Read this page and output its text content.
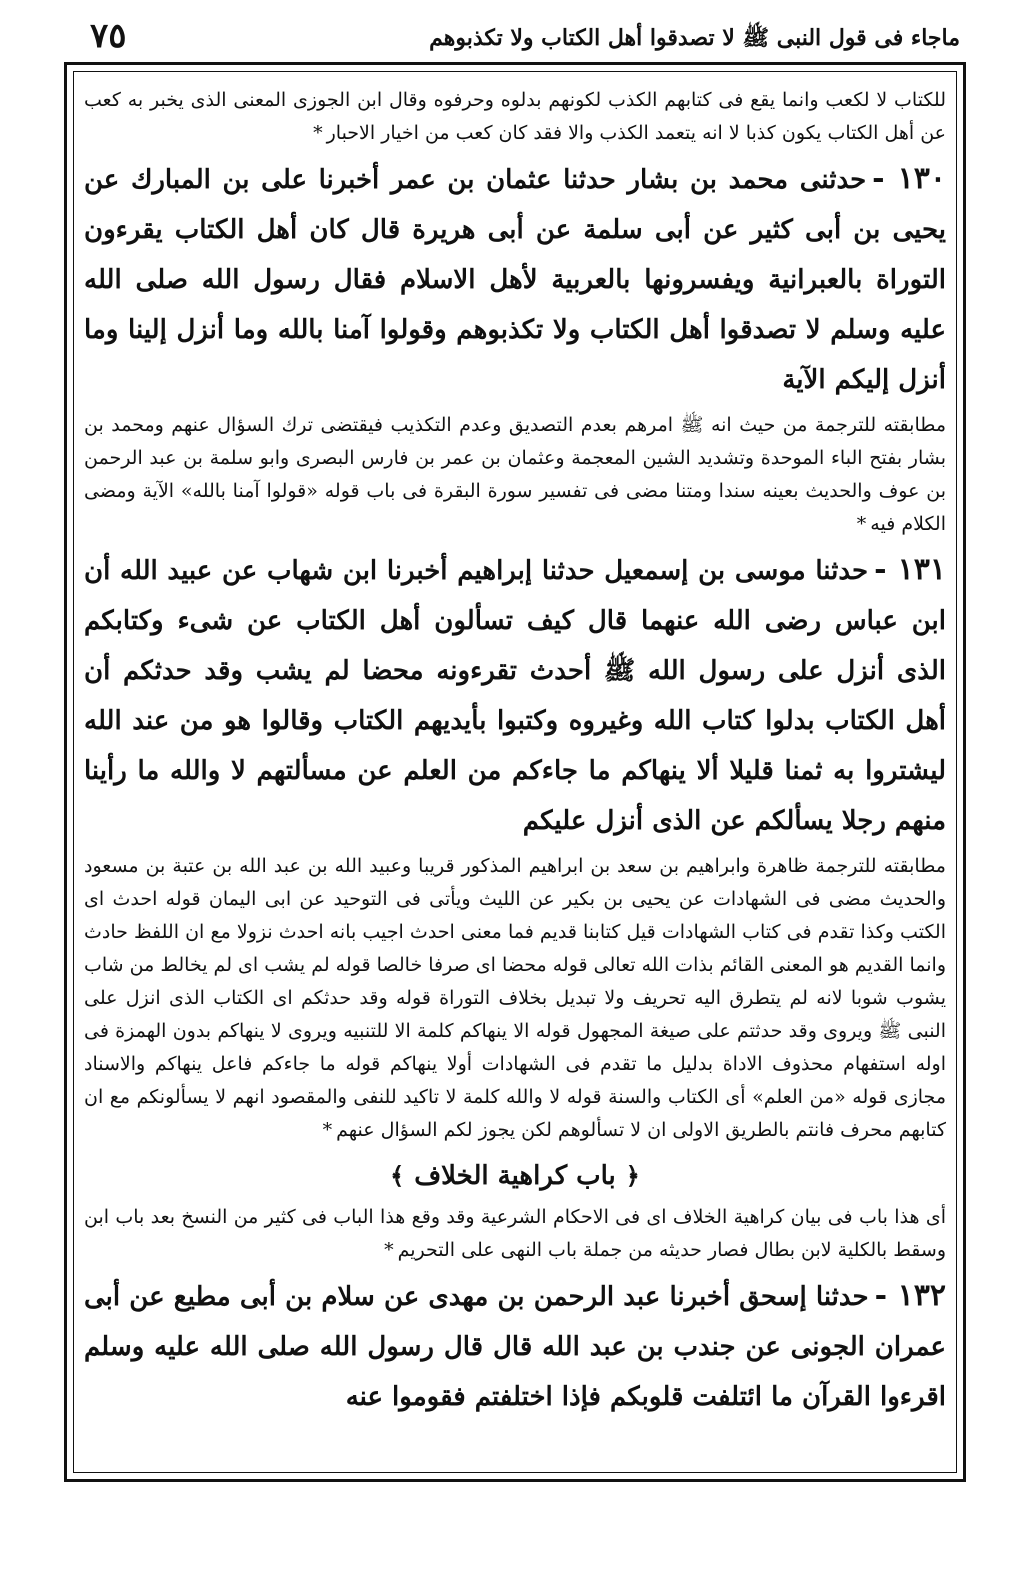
ماجاء فى قول النبى ﷺ لا تصدقوا أهل الكتاب ولا تكذبوهم
٧٥

للكتاب لا لكعب وانما يقع فى كتابهم الكذب لكونهم بدلوه وحرفوه وقال ابن الجوزى المعنى الذى يخبر به كعب عن أهل الكتاب يكون كذبا لا انه يتعمد الكذب والا فقد كان كعب من اخيار الاحبار*

١٣٠ -حدثنى محمد بن بشار حدثنا عثمان بن عمر أخبرنا على بن المبارك عن يحيى بن أبى كثير عن أبى سلمة عن أبى هريرة قال كان أهل الكتاب يقرءون التوراة بالعبرانية ويفسرونها بالعربية لأهل الاسلام فقال رسول الله صلى الله عليه وسلم لا تصدقوا أهل الكتاب ولا تكذبوهم وقولوا آمنا بالله وما أنزل إلينا وما أنزل إليكم الآية

مطابقته للترجمة من حيث انه ﷺ امرهم بعدم التصديق وعدم التكذيب فيقتضى ترك السؤال عنهم ومحمد بن بشار بفتح الباء الموحدة وتشديد الشين المعجمة وعثمان بن عمر بن فارس البصرى وابو سلمة بن عبد الرحمن بن عوف والحديث بعينه سندا ومتنا مضى فى تفسير سورة البقرة فى باب قوله «قولوا آمنا بالله» الآية ومضى الكلام فيه*

١٣١ -حدثنا موسى بن إسمعيل حدثنا إبراهيم أخبرنا ابن شهاب عن عبيد الله أن ابن عباس رضى الله عنهما قال كيف تسألون أهل الكتاب عن شىء وكتابكم الذى أنزل على رسول الله ﷺ أحدث تقرءونه محضا لم يشب وقد حدثكم أن أهل الكتاب بدلوا كتاب الله وغيروه وكتبوا بأيديهم الكتاب وقالوا هو من عند الله ليشتروا به ثمنا قليلا ألا ينهاكم ما جاءكم من العلم عن مسألتهم لا والله ما رأينا منهم رجلا يسألكم عن الذى أنزل عليكم

مطابقته للترجمة ظاهرة وابراهيم بن سعد بن ابراهيم المذكور قريبا وعبيد الله بن عبد الله بن عتبة بن مسعود والحديث مضى فى الشهادات عن يحيى بن بكير عن الليث ويأتى فى التوحيد عن ابى اليمان قوله احدث اى الكتب وكذا تقدم فى كتاب الشهادات قيل كتابنا قديم فما معنى احدث اجيب بانه احدث نزولا مع ان اللفظ حادث وانما القديم هو المعنى القائم بذات الله تعالى قوله محضا اى صرفا خالصا قوله لم يشب اى لم يخالط من شاب يشوب شوبا لانه لم يتطرق اليه تحريف ولا تبديل بخلاف التوراة قوله وقد حدثكم اى الكتاب الذى انزل على النبى ﷺ ويروى وقد حدثتم على صيغة المجهول قوله الا ينهاكم كلمة الا للتنبيه ويروى لا ينهاكم بدون الهمزة فى اوله استفهام محذوف الاداة بدليل ما تقدم فى الشهادات أولا ينهاكم قوله ما جاءكم فاعل ينهاكم والاسناد مجازى قوله «من العلم» أى الكتاب والسنة قوله لا والله كلمة لا تاكيد للنفى والمقصود انهم لا يسألونكم مع ان كتابهم محرف فانتم بالطريق الاولى ان لا تسألوهم لكن يجوز لكم السؤال عنهم*

﴿باب كراهية الخلاف﴾

أى هذا باب فى بيان كراهية الخلاف اى فى الاحكام الشرعية وقد وقع هذا الباب فى كثير من النسخ بعد باب ابن وسقط بالكلية لابن بطال فصار حديثه من جملة باب النهى على التحريم*

١٣٢ -حدثنا إسحق أخبرنا عبد الرحمن بن مهدى عن سلام بن أبى مطيع عن أبى عمران الجونى عن جندب بن عبد الله قال قال رسول الله صلى الله عليه وسلم اقرءوا القرآن ما ائتلفت قلوبكم فإذا اختلفتم فقوموا عنه
